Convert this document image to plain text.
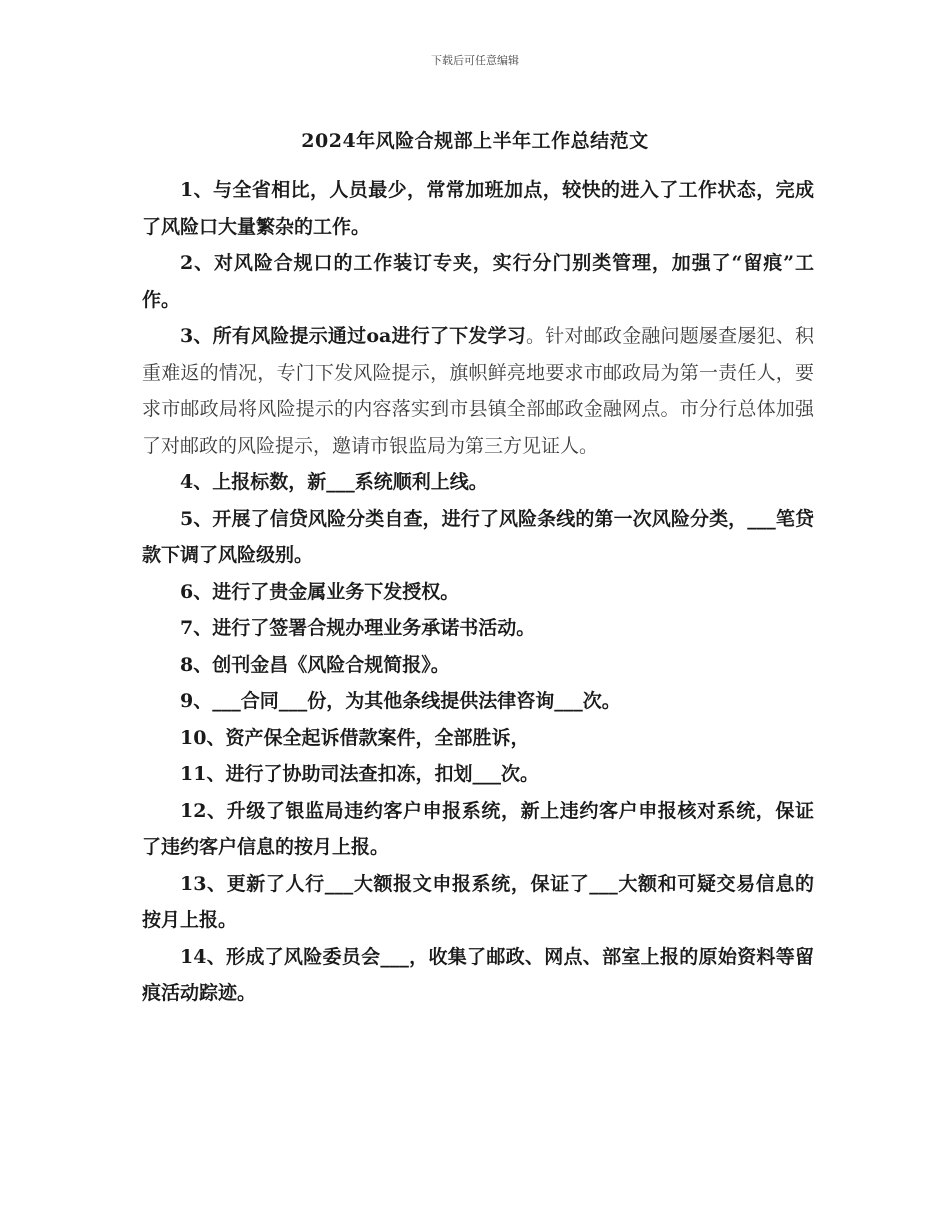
下载后可任意编辑
2024年风险合规部上半年工作总结范文

1、与全省相比，人员最少，常常加班加点，较快的进入了工作状态，完成了风险口大量繁杂的工作。

2、对风险合规口的工作装订专夹，实行分门别类管理，加强了“留痕”工作。

3、所有风险提示通过oa进行了下发学习。针对邮政金融问题屡查屡犯、积重难返的情况，专门下发风险提示，旗帜鲜亮地要求市邮政局为第一责任人，要求市邮政局将风险提示的内容落实到市县镇全部邮政金融网点。市分行总体加强了对邮政的风险提示，邀请市银监局为第三方见证人。

4、上报标数，新___系统顺利上线。

5、开展了信贷风险分类自查，进行了风险条线的第一次风险分类，___笔贷款下调了风险级别。

6、进行了贵金属业务下发授权。

7、进行了签署合规办理业务承诺书活动。

8、创刊金昌《风险合规简报》。

9、___合同___份，为其他条线提供法律咨询___次。

10、资产保全起诉借款案件，全部胜诉，

11、进行了协助司法查扣冻，扣划___次。

12、升级了银监局违约客户申报系统，新上违约客户申报核对系统，保证了违约客户信息的按月上报。

13、更新了人行___大额报文申报系统，保证了___大额和可疑交易信息的按月上报。

14、形成了风险委员会___，收集了邮政、网点、部室上报的原始资料等留痕活动踪迹。
